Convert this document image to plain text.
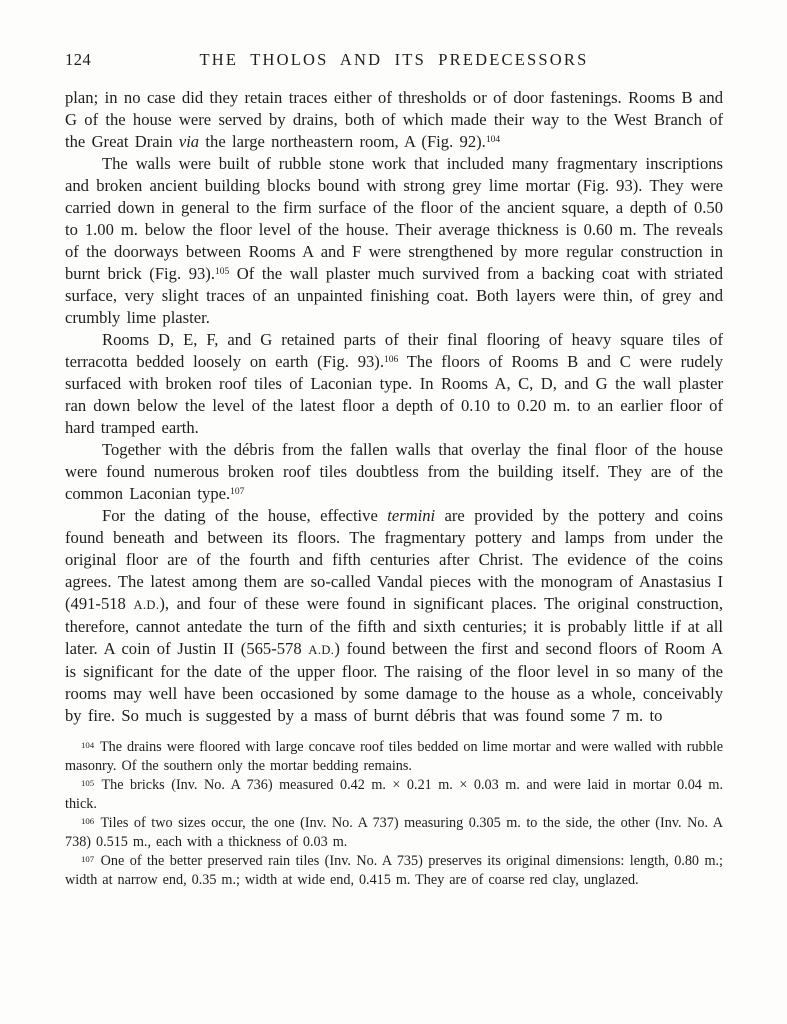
124	THE THOLOS AND ITS PREDECESSORS

plan; in no case did they retain traces either of thresholds or of door fastenings. Rooms B and G of the house were served by drains, both of which made their way to the West Branch of the Great Drain via the large northeastern room, A (Fig. 92).$^{104}$

The walls were built of rubble stone work that included many fragmentary inscriptions and broken ancient building blocks bound with strong grey lime mortar (Fig. 93). They were carried down in general to the firm surface of the floor of the ancient square, a depth of 0.50 to 1.00 m. below the floor level of the house. Their average thickness is 0.60 m. The reveals of the doorways between Rooms A and F were strengthened by more regular construction in burnt brick (Fig. 93).$^{105}$ Of the wall plaster much survived from a backing coat with striated surface, very slight traces of an unpainted finishing coat. Both layers were thin, of grey and crumbly lime plaster.

Rooms D, E, F, and G retained parts of their final flooring of heavy square tiles of terracotta bedded loosely on earth (Fig. 93).$^{106}$ The floors of Rooms B and C were rudely surfaced with broken roof tiles of Laconian type. In Rooms A, C, D, and G the wall plaster ran down below the level of the latest floor a depth of 0.10 to 0.20 m. to an earlier floor of hard tramped earth.

Together with the débris from the fallen walls that overlay the final floor of the house were found numerous broken roof tiles doubtless from the building itself. They are of the common Laconian type.$^{107}$

For the dating of the house, effective termini are provided by the pottery and coins found beneath and between its floors. The fragmentary pottery and lamps from under the original floor are of the fourth and fifth centuries after Christ. The evidence of the coins agrees. The latest among them are so-called Vandal pieces with the monogram of Anastasius I (491-518 A.D.), and four of these were found in significant places. The original construction, therefore, cannot antedate the turn of the fifth and sixth centuries; it is probably little if at all later. A coin of Justin II (565-578 A.D.) found between the first and second floors of Room A is significant for the date of the upper floor. The raising of the floor level in so many of the rooms may well have been occasioned by some damage to the house as a whole, conceivably by fire. So much is suggested by a mass of burnt débris that was found some 7 m. to

$^{104}$ The drains were floored with large concave roof tiles bedded on lime mortar and were walled with rubble masonry. Of the southern only the mortar bedding remains.

$^{105}$ The bricks (Inv. No. A 736) measured 0.42 m. × 0.21 m. × 0.03 m. and were laid in mortar 0.04 m. thick.

$^{106}$ Tiles of two sizes occur, the one (Inv. No. A 737) measuring 0.305 m. to the side, the other (Inv. No. A 738) 0.515 m., each with a thickness of 0.03 m.

$^{107}$ One of the better preserved rain tiles (Inv. No. A 735) preserves its original dimensions: length, 0.80 m.; width at narrow end, 0.35 m.; width at wide end, 0.415 m. They are of coarse red clay, unglazed.
